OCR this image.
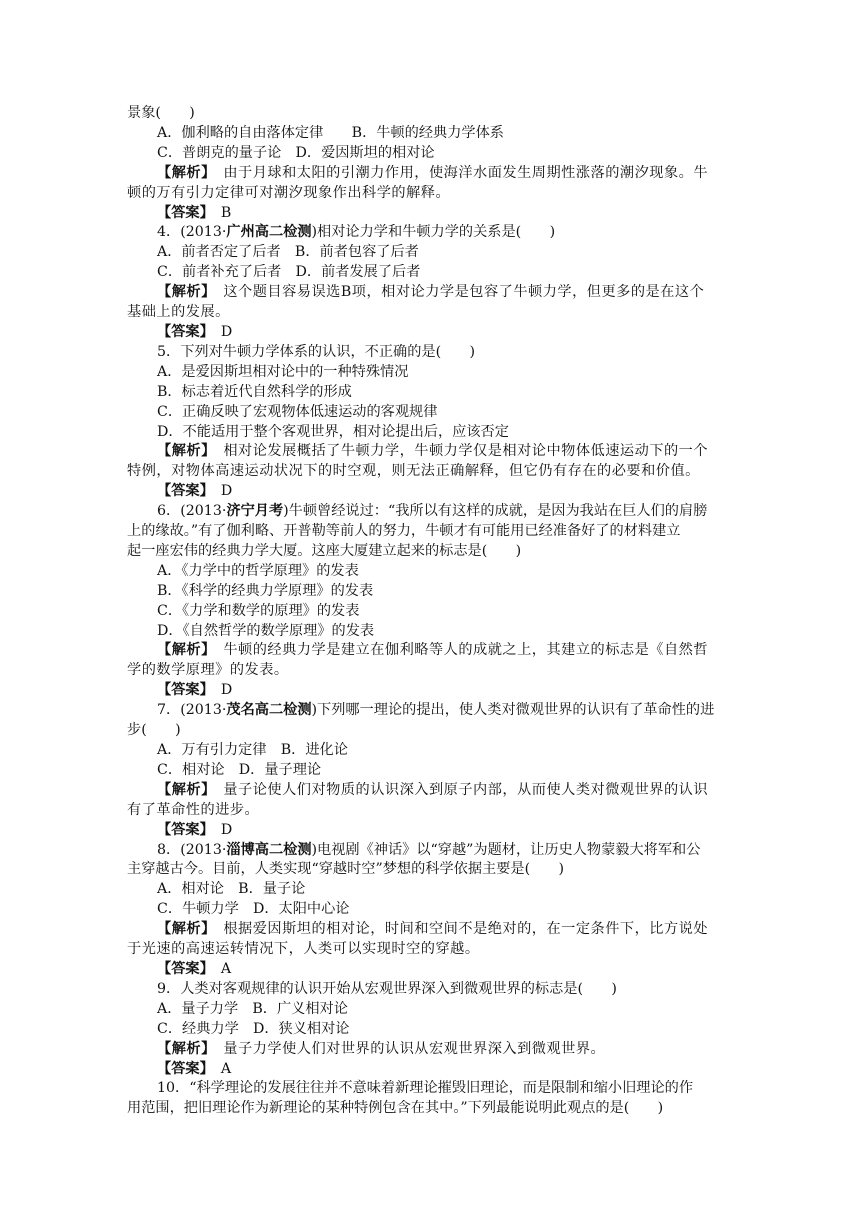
景象(　　)
A．伽利略的自由落体定律　　B．牛顿的经典力学体系
C．普朗克的量子论　D．爱因斯坦的相对论
【解析】　由于月球和太阳的引潮力作用，使海洋水面发生周期性涨落的潮汐现象。牛
顿的万有引力定律可对潮汐现象作出科学的解释。
【答案】　B
4．(2013·广州高二检测)相对论力学和牛顿力学的关系是(　　)
A．前者否定了后者　B．前者包容了后者
C．前者补充了后者　D．前者发展了后者
【解析】　这个题目容易误选B项，相对论力学是包容了牛顿力学，但更多的是在这个
基础上的发展。
【答案】　D
5．下列对牛顿力学体系的认识，不正确的是(　　)
A．是爱因斯坦相对论中的一种特殊情况
B．标志着近代自然科学的形成
C．正确反映了宏观物体低速运动的客观规律
D．不能适用于整个客观世界，相对论提出后，应该否定
【解析】　相对论发展概括了牛顿力学，牛顿力学仅是相对论中物体低速运动下的一个
特例，对物体高速运动状况下的时空观，则无法正确解释，但它仍有存在的必要和价值。
【答案】　D
6．(2013·济宁月考)牛顿曾经说过：“我所以有这样的成就，是因为我站在巨人们的肩膀
上的缘故。”有了伽利略、开普勒等前人的努力，牛顿才有可能用已经准备好了的材料建立
起一座宏伟的经典力学大厦。这座大厦建立起来的标志是(　　)
A．《力学中的哲学原理》的发表
B．《科学的经典力学原理》的发表
C．《力学和数学的原理》的发表
D．《自然哲学的数学原理》的发表
【解析】　牛顿的经典力学是建立在伽利略等人的成就之上，其建立的标志是《自然哲
学的数学原理》的发表。
【答案】　D
7．(2013·茂名高二检测)下列哪一理论的提出，使人类对微观世界的认识有了革命性的进
步(　　)
A．万有引力定律　B．进化论
C．相对论　D．量子理论
【解析】　量子论使人们对物质的认识深入到原子内部，从而使人类对微观世界的认识
有了革命性的进步。
【答案】　D
8．(2013·淄博高二检测)电视剧《神话》以“穿越”为题材，让历史人物蒙毅大将军和公
主穿越古今。目前，人类实现“穿越时空”梦想的科学依据主要是(　　)
A．相对论　B．量子论
C．牛顿力学　D．太阳中心论
【解析】　根据爱因斯坦的相对论，时间和空间不是绝对的，在一定条件下，比方说处
于光速的高速运转情况下，人类可以实现时空的穿越。
【答案】　A
9．人类对客观规律的认识开始从宏观世界深入到微观世界的标志是(　　)
A．量子力学　B．广义相对论
C．经典力学　D．狭义相对论
【解析】　量子力学使人们对世界的认识从宏观世界深入到微观世界。
【答案】　A
10．“科学理论的发展往往并不意味着新理论摧毁旧理论，而是限制和缩小旧理论的作
用范围，把旧理论作为新理论的某种特例包含在其中。”下列最能说明此观点的是(　　)
